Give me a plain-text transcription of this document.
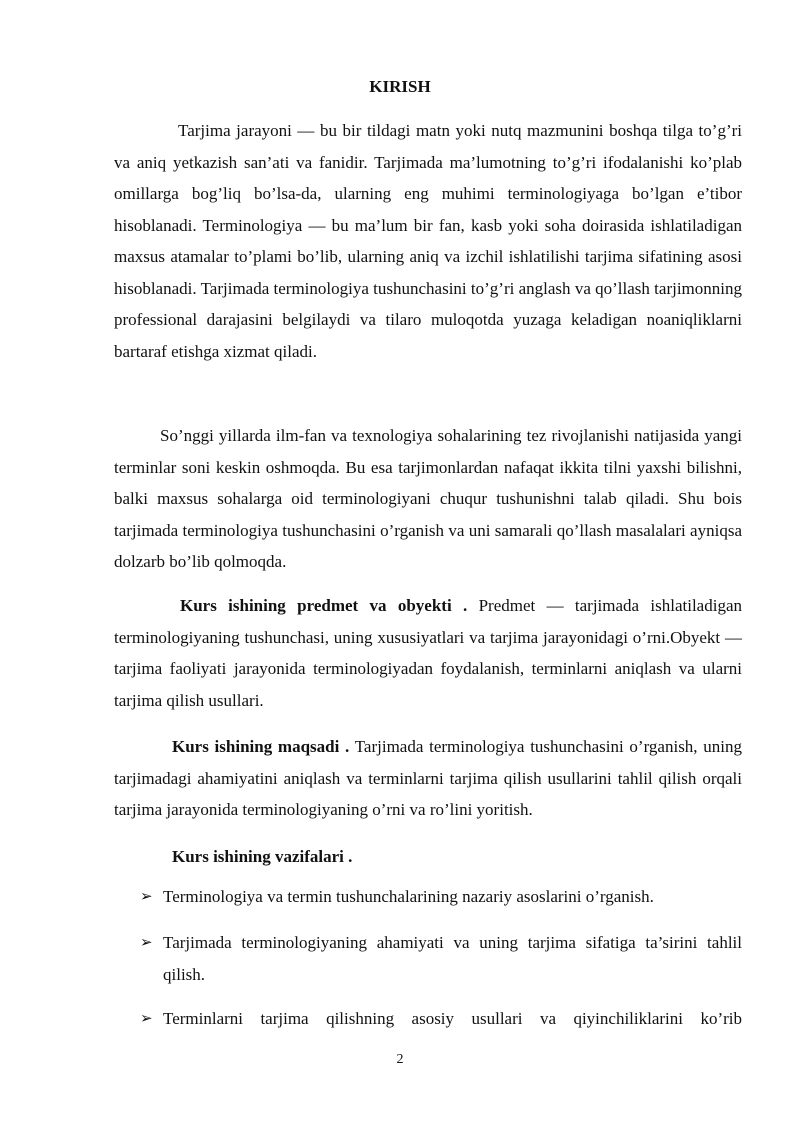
KIRISH

Tarjima jarayoni — bu bir tildagi matn yoki nutq mazmunini boshqa tilga to’g’ri va aniq yetkazish san’ati va fanidir. Tarjimada ma’lumotning to’g’ri ifodalanishi ko’plab omillarga bog’liq bo’lsa-da, ularning eng muhimi terminologiyaga bo’lgan e’tibor hisoblanadi. Terminologiya — bu ma’lum bir fan, kasb yoki soha doirasida ishlatiladigan maxsus atamalar to’plami bo’lib, ularning aniq va izchil ishlatilishi tarjima sifatining asosi hisoblanadi. Tarjimada terminologiya tushunchasini to’g’ri anglash va qo’llash tarjimonning professional darajasini belgilaydi va tilaro muloqotda yuzaga keladigan noaniqliklarni bartaraf etishga xizmat qiladi.

So’nggi yillarda ilm-fan va texnologiya sohalarining tez rivojlanishi natijasida yangi terminlar soni keskin oshmoqda. Bu esa tarjimonlardan nafaqat ikkita tilni yaxshi bilishni, balki maxsus sohalarga oid terminologiyani chuqur tushunishni talab qiladi. Shu bois tarjimada terminologiya tushunchasini o’rganish va uni samarali qo’llash masalalari ayniqsa dolzarb bo’lib qolmoqda.

Kurs ishining predmet va obyekti . Predmet — tarjimada ishlatiladigan terminologiyaning tushunchasi, uning xususiyatlari va tarjima jarayonidagi o’rni.Obyekt — tarjima faoliyati jarayonida terminologiyadan foydalanish, terminlarni aniqlash va ularni tarjima qilish usullari.

Kurs ishining maqsadi . Tarjimada terminologiya tushunchasini o’rganish, uning tarjimadagi ahamiyatini aniqlash va terminlarni tarjima qilish usullarini tahlil qilish orqali tarjima jarayonida terminologiyaning o’rni va ro’lini yoritish.

Kurs ishining vazifalari .
➢ Terminologiya va termin tushunchalarining nazariy asoslarini o’rganish.
➢ Tarjimada terminologiyaning ahamiyati va uning tarjima sifatiga ta’sirini tahlil qilish.
➢ Terminlarni tarjima qilishning asosiy usullari va qiyinchiliklarini ko’rib
2
